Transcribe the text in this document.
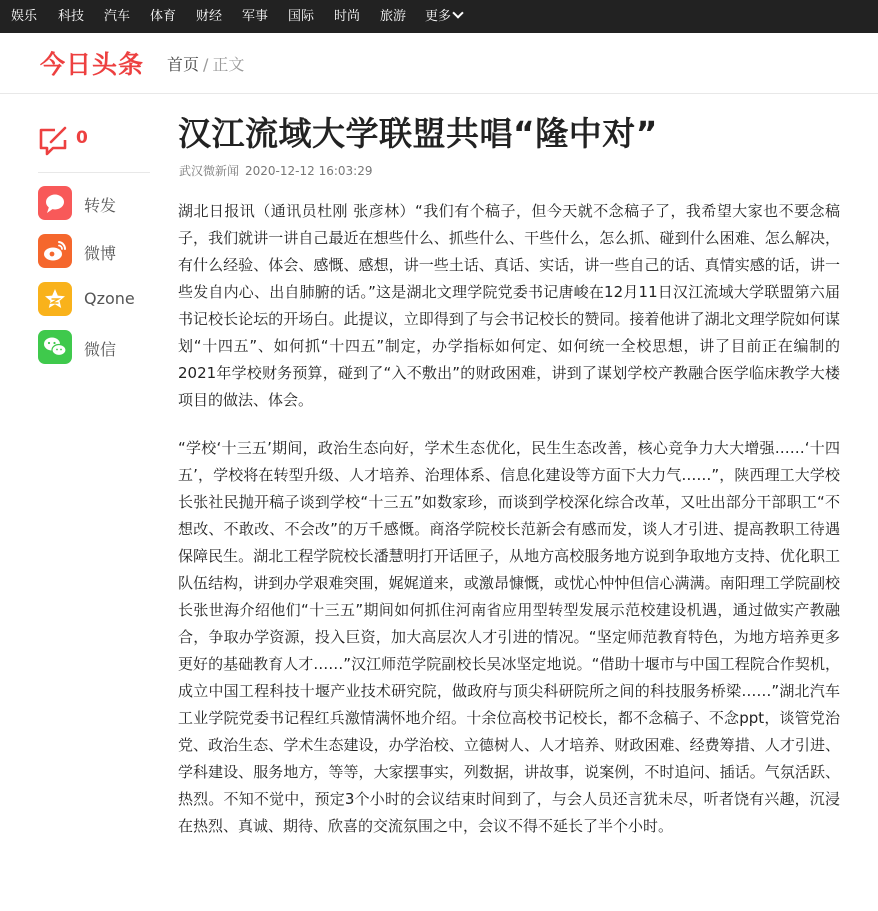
娱乐 科技 汽车 体育 财经 军事 国际 时尚 旅游 更多
今日头条 首页 / 正文
0
转发
微博
Qzone
微信
汉江流域大学联盟共唱“隆中对”
武汉微新闻 2020-12-12 16:03:29

湖北日报讯（通讯员杜刚 张彦林）“我们有个稿子，但今天就不念稿子了，我希望大家也不要念稿子，我们就讲一讲自己最近在想些什么、抓些什么、干些什么，怎么抓、碰到什么困难、怎么解决，有什么经验、体会、感慨、感想，讲一些土话、真话、实话，讲一些自己的话、真情实感的话，讲一些发自内心、出自肺腑的话。”这是湖北文理学院党委书记唐峻在12月11日汉江流域大学联盟第六届书记校长论坛的开场白。此提议，立即得到了与会书记校长的赞同。接着他讲了湖北文理学院如何谋划“十四五”、如何抓“十四五”制定，办学指标如何定、如何统一全校思想，讲了目前正在编制的2021年学校财务预算，碰到了“入不敷出”的财政困难，讲到了谋划学校产教融合医学临床教学大楼项目的做法、体会。

“学校‘十三五’期间，政治生态向好，学术生态优化，民生生态改善，核心竞争力大大增强……‘十四五’，学校将在转型升级、人才培养、治理体系、信息化建设等方面下大力气……”，陕西理工大学校长张社民抛开稿子谈到学校“十三五”如数家珍，而谈到学校深化综合改革，又吐出部分干部职工“不想改、不敢改、不会改”的万千感慨。商洛学院校长范新会有感而发，谈人才引进、提高教职工待遇保障民生。湖北工程学院校长潘慧明打开话匣子，从地方高校服务地方说到争取地方支持、优化职工队伍结构，讲到办学艰难突围，娓娓道来，或激昂慷慨，或忧心忡忡但信心满满。南阳理工学院副校长张世海介绍他们“十三五”期间如何抓住河南省应用型转型发展示范校建设机遇，通过做实产教融合，争取办学资源，投入巨资，加大高层次人才引进的情况。“坚定师范教育特色，为地方培养更多更好的基础教育人才……”汉江师范学院副校长吴冰坚定地说。“借助十堰市与中国工程院合作契机，成立中国工程科技十堰产业技术研究院，做政府与顶尖科研院所之间的科技服务桥梁……”湖北汽车工业学院党委书记程红兵激情满怀地介绍。十余位高校书记校长，都不念稿子、不念ppt，谈管党治党、政治生态、学术生态建设，办学治校、立德树人、人才培养、财政困难、经费筹措、人才引进、学科建设、服务地方，等等，大家摆事实，列数据，讲故事，说案例，不时追问、插话。气氛活跃、热烈。不知不觉中，预定3个小时的会议结束时间到了，与会人员还言犹未尽，听者饶有兴趣，沉浸在热烈、真诚、期待、欣喜的交流氛围之中，会议不得不延长了半个小时。
